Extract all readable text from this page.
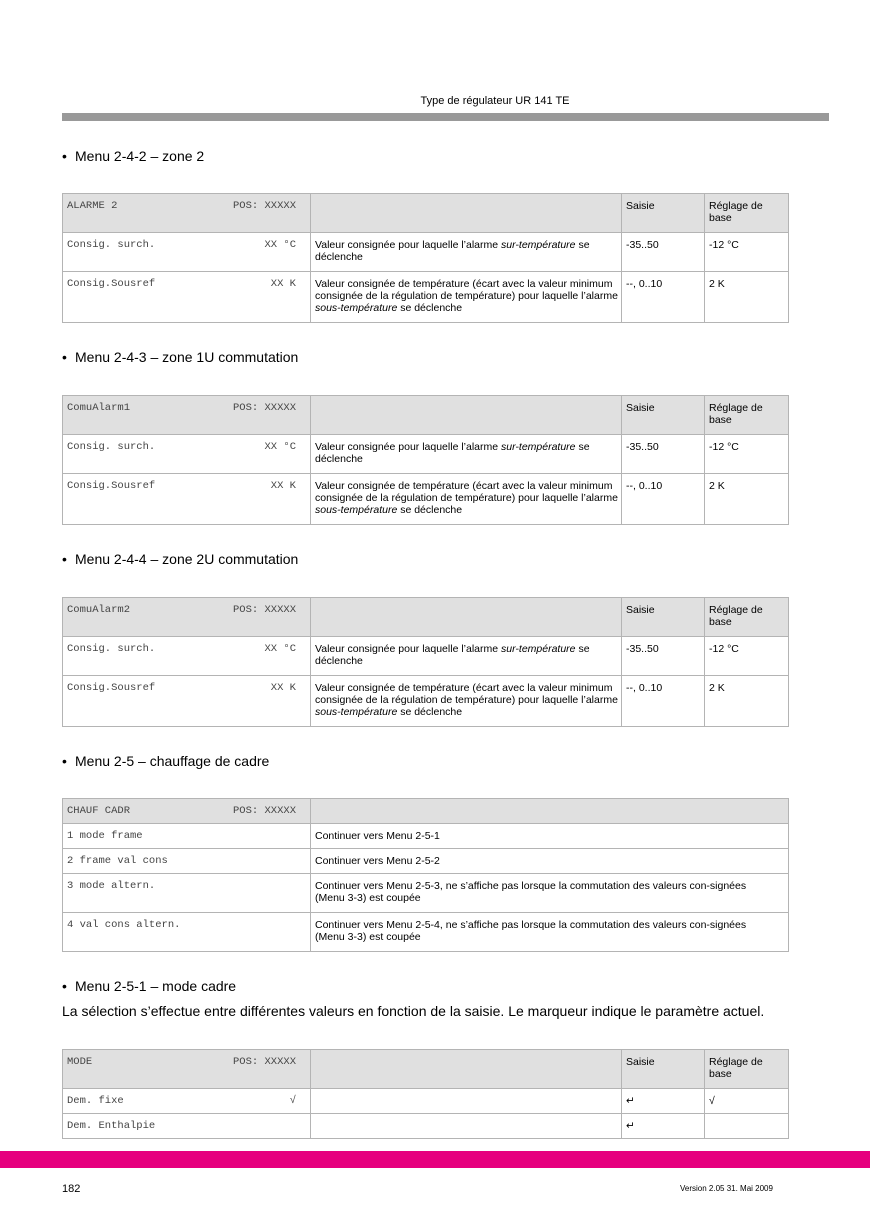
Type de régulateur UR 141 TE
• Menu 2-4-2 – zone 2
ALARME 2 POS: XXXXX		Saisie	Réglage de base

Consig. surch. XX °C	Valeur consignée pour laquelle l’alarme sur-température se déclenche	-35..50	-12 °C

Consig.Sousref XX K	Valeur consignée de température (écart avec la valeur minimum consignée de la régulation de température) pour laquelle l’alarme sous-température se déclenche	--, 0..10	2 K
• Menu 2-4-3 – zone 1U commutation
ComuAlarm1 POS: XXXXX		Saisie	Réglage de base

Consig. surch. XX °C	Valeur consignée pour laquelle l’alarme sur-température se déclenche	-35..50	-12 °C

Consig.Sousref XX K	Valeur consignée de température (écart avec la valeur minimum consignée de la régulation de température) pour laquelle l’alarme sous-température se déclenche	--, 0..10	2 K
• Menu 2-4-4 – zone 2U commutation
ComuAlarm2 POS: XXXXX		Saisie	Réglage de base

Consig. surch. XX °C	Valeur consignée pour laquelle l’alarme sur-température se déclenche	-35..50	-12 °C

Consig.Sousref XX K	Valeur consignée de température (écart avec la valeur minimum consignée de la régulation de température) pour laquelle l’alarme sous-température se déclenche	--, 0..10	2 K
• Menu 2-5 – chauffage de cadre
CHAUF CADR POS: XXXXX	

1 mode frame	Continuer vers Menu 2-5-1

2 frame val cons	Continuer vers Menu 2-5-2

3 mode altern.	Continuer vers Menu 2-5-3, ne s’affiche pas lorsque la commutation des valeurs con-signées (Menu 3-3) est coupée

4 val cons altern.	Continuer vers Menu 2-5-4, ne s’affiche pas lorsque la commutation des valeurs con-signées (Menu 3-3) est coupée
• Menu 2-5-1 – mode cadre
La sélection s’effectue entre différentes valeurs en fonction de la saisie. Le marqueur indique le paramètre actuel.
MODE POS: XXXXX		Saisie	Réglage de base

Dem. fixe √		↵	√

Dem. Enthalpie		↵	

182	Version 2.05 31. Mai 2009
